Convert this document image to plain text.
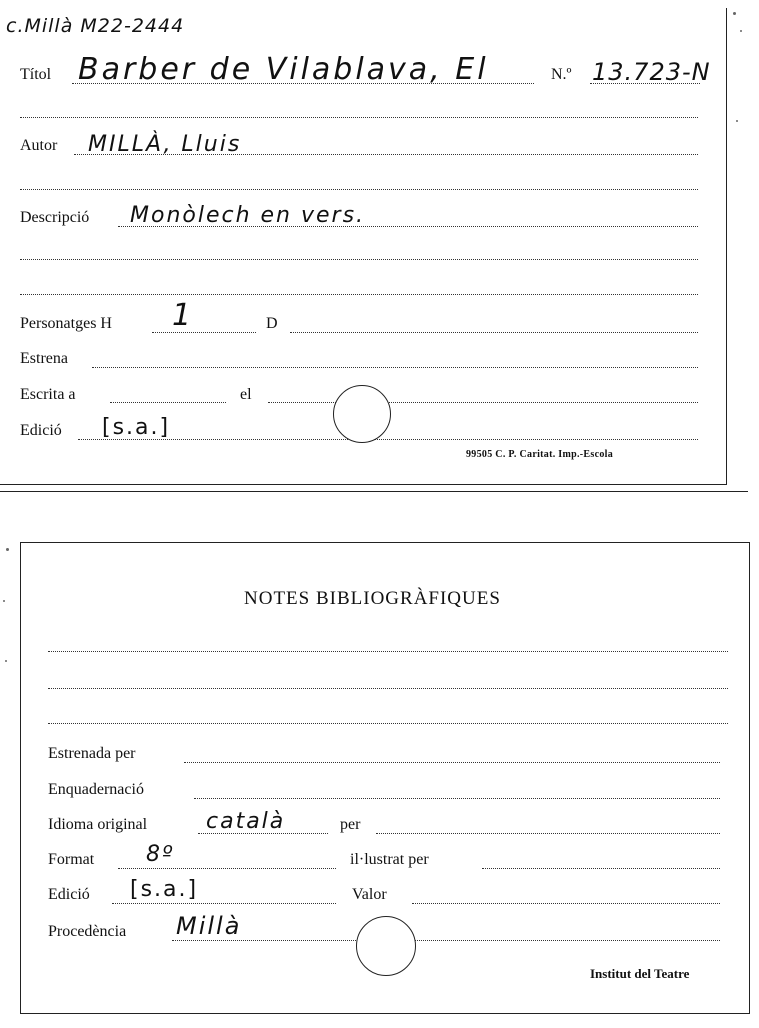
c.Millà M22-2444
Títol Barber de Vilablava, El	N.º 13.723-N
Autor MILLÀ, Lluis
Descripció Monòlech en vers.
Personatges H 1	D
Estrena
Escrita a	el
Edició [s.a.]
99505 C. P. Caritat. Imp.-Escola
NOTES BIBLIOGRÀFIQUES
Estrenada per
Enquadernació
Idioma original	català	per
Format 8º	il·lustrat per
Edició [s.a.]	Valor
Procedència Millà
Institut del Teatre
